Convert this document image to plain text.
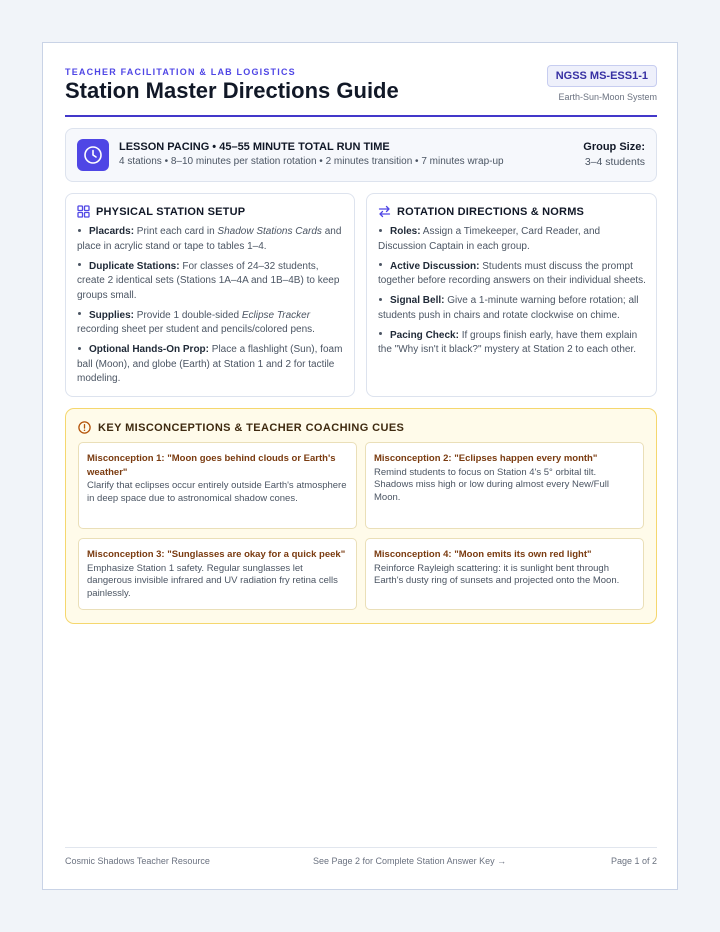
TEACHER FACILITATION & LAB LOGISTICS
Station Master Directions Guide
NGSS MS-ESS1-1
Earth-Sun-Moon System
LESSON PACING • 45–55 MINUTE TOTAL RUN TIME
4 stations • 8–10 minutes per station rotation • 2 minutes transition • 7 minutes wrap-up
Group Size:
3–4 students
PHYSICAL STATION SETUP
Placards: Print each card in Shadow Stations Cards and place in acrylic stand or tape to tables 1–4.
Duplicate Stations: For classes of 24–32 students, create 2 identical sets (Stations 1A–4A and 1B–4B) to keep groups small.
Supplies: Provide 1 double-sided Eclipse Tracker recording sheet per student and pencils/colored pens.
Optional Hands-On Prop: Place a flashlight (Sun), foam ball (Moon), and globe (Earth) at Station 1 and 2 for tactile modeling.
ROTATION DIRECTIONS & NORMS
Roles: Assign a Timekeeper, Card Reader, and Discussion Captain in each group.
Active Discussion: Students must discuss the prompt together before recording answers on their individual sheets.
Signal Bell: Give a 1-minute warning before rotation; all students push in chairs and rotate clockwise on chime.
Pacing Check: If groups finish early, have them explain the "Why isn't it black?" mystery at Station 2 to each other.
KEY MISCONCEPTIONS & TEACHER COACHING CUES
Misconception 1: "Moon goes behind clouds or Earth's weather"
Clarify that eclipses occur entirely outside Earth's atmosphere in deep space due to astronomical shadow cones.
Misconception 2: "Eclipses happen every month"
Remind students to focus on Station 4's 5° orbital tilt. Shadows miss high or low during almost every New/Full Moon.
Misconception 3: "Sunglasses are okay for a quick peek"
Emphasize Station 1 safety. Regular sunglasses let dangerous invisible infrared and UV radiation fry retina cells painlessly.
Misconception 4: "Moon emits its own red light"
Reinforce Rayleigh scattering: it is sunlight bent through Earth's dusty ring of sunsets and projected onto the Moon.
Cosmic Shadows Teacher Resource	See Page 2 for Complete Station Answer Key →	Page 1 of 2
